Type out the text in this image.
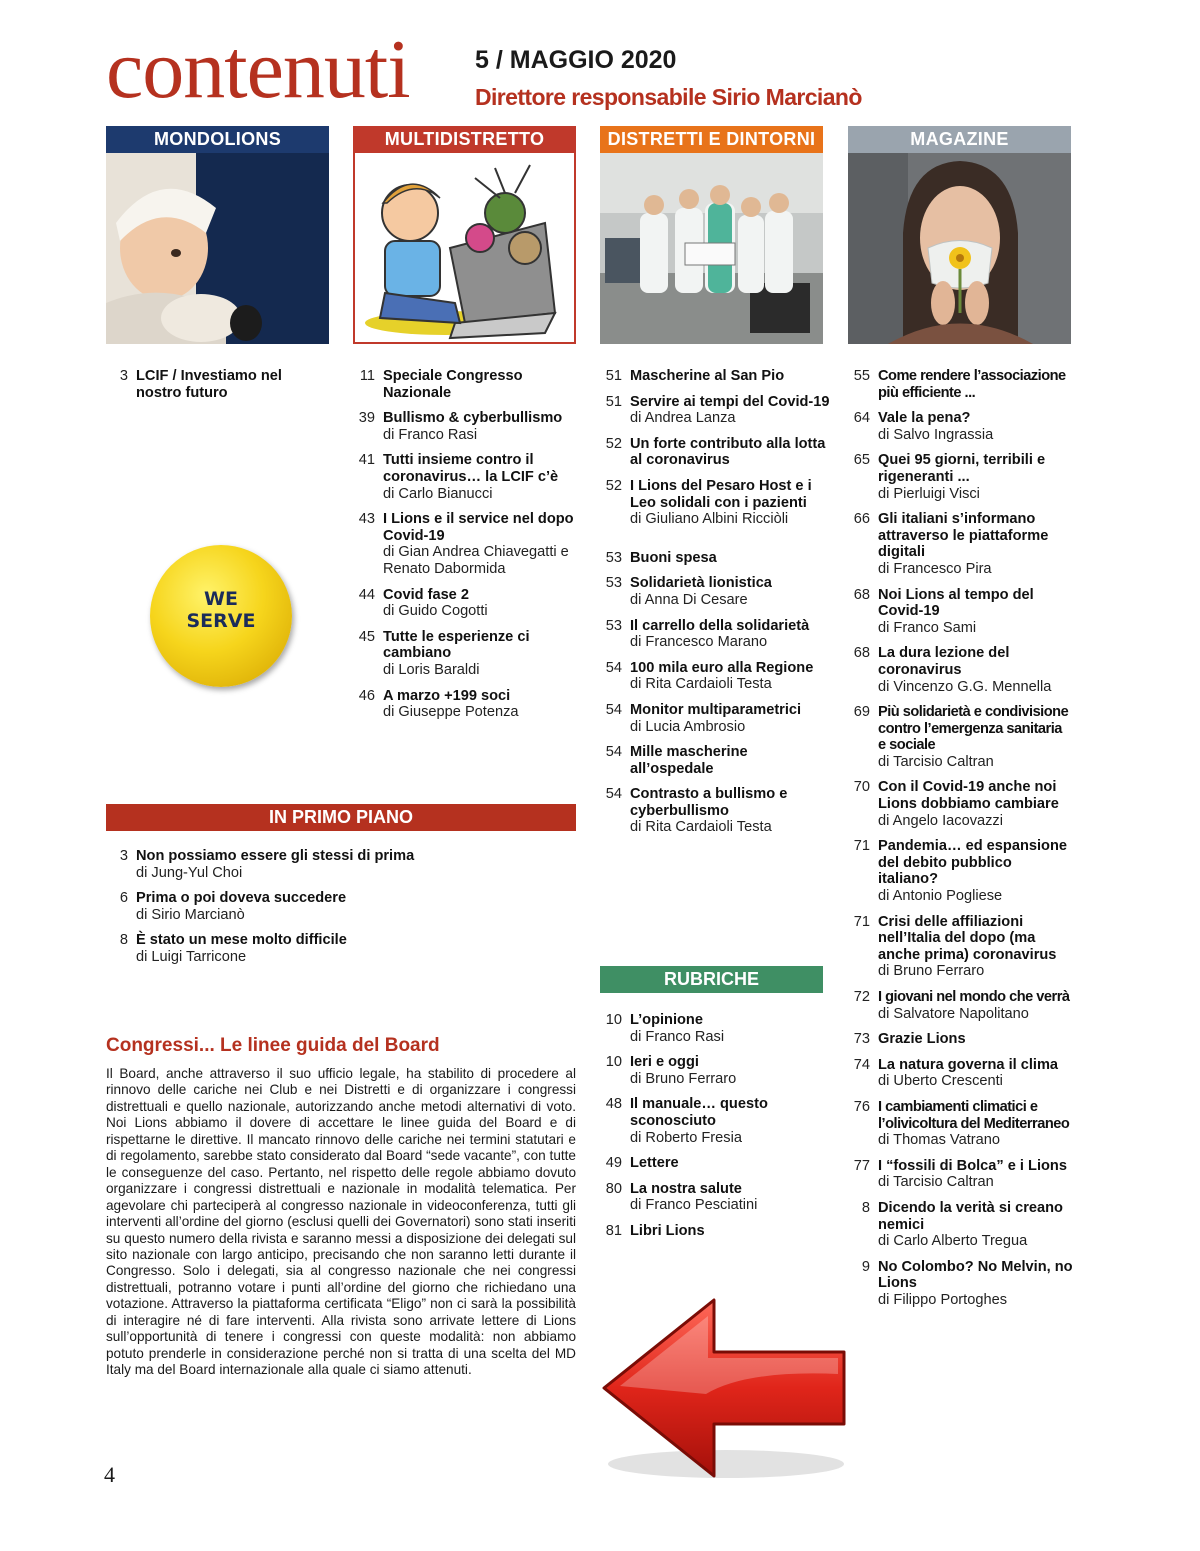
contenuti	5 / MAGGIO 2020
Direttore responsabile Sirio Marcianò
MONDOLIONS	MULTIDISTRETTO	DISTRETTI E DINTORNI	MAGAZINE
3 LCIF / Investiamo nel nostro futuro
WE
SERVE
11 Speciale Congresso Nazionale
39 Bullismo & cyberbullismo
di Franco Rasi
41 Tutti insieme contro il coronavirus… la LCIF c’è
di Carlo Bianucci
43 I Lions e il service nel dopo Covid-19
di Gian Andrea Chiavegatti e Renato Dabormida
44 Covid fase 2
di Guido Cogotti
45 Tutte le esperienze ci cambiano
di Loris Baraldi
46 A marzo +199 soci
di Giuseppe Potenza
IN PRIMO PIANO
3 Non possiamo essere gli stessi di prima
di Jung-Yul Choi
6 Prima o poi doveva succedere
di Sirio Marcianò
8 È stato un mese molto difficile
di Luigi Tarricone
Congressi... Le linee guida del Board
Il Board, anche attraverso il suo ufficio legale, ha stabilito di procedere al rinnovo delle cariche nei Club e nei Distretti e di organizzare i congressi distrettuali e quello nazionale, autorizzando anche metodi alternativi di voto. Noi Lions abbiamo il dovere di accettare le linee guida del Board e di rispettarne le direttive. Il mancato rinnovo delle cariche nei termini statutari e di regolamento, sarebbe stato considerato dal Board “sede vacante”, con tutte le conseguenze del caso. Pertanto, nel rispetto delle regole abbiamo dovuto organizzare i congressi distrettuali e nazionale in modalità telematica. Per agevolare chi parteciperà al congresso nazionale in videoconferenza, tutti gli interventi all’ordine del giorno (esclusi quelli dei Governatori) sono stati inseriti su questo numero della rivista e saranno messi a disposizione dei delegati sul sito nazionale con largo anticipo, precisando che non saranno letti durante il Congresso. Solo i delegati, sia al congresso nazionale che nei congressi distrettuali, potranno votare i punti all’ordine del giorno che richiedano una votazione. Attraverso la piattaforma certificata “Eligo” non ci sarà la possibilità di interagire né di fare interventi. Alla rivista sono arrivate lettere di Lions sull’opportunità di tenere i congressi con queste modalità: non abbiamo potuto prenderle in considerazione perché non si tratta di una scelta del MD Italy ma del Board internazionale alla quale ci siamo attenuti.
51 Mascherine al San Pio
51 Servire ai tempi del Covid-19
di Andrea Lanza
52 Un forte contributo alla lotta al coronavirus
52 I Lions del Pesaro Host e i Leo solidali con i pazienti
di Giuliano Albini Ricciòli
53 Buoni spesa
53 Solidarietà lionistica
di Anna Di Cesare
53 Il carrello della solidarietà
di Francesco Marano
54 100 mila euro alla Regione
di Rita Cardaioli Testa
54 Monitor multiparametrici
di Lucia Ambrosio
54 Mille mascherine all’ospedale
54 Contrasto a bullismo e cyberbullismo
di Rita Cardaioli Testa
RUBRICHE
10 L’opinione
di Franco Rasi
10 Ieri e oggi
di Bruno Ferraro
48 Il manuale… questo sconosciuto
di Roberto Fresia
49 Lettere
80 La nostra salute
di Franco Pesciatini
81 Libri Lions
55 Come rendere l’associazione più efficiente ...
64 Vale la pena?
di Salvo Ingrassia
65 Quei 95 giorni, terribili e rigeneranti ...
di Pierluigi Visci
66 Gli italiani s’informano attraverso le piattaforme digitali
di Francesco Pira
68 Noi Lions al tempo del Covid-19
di Franco Sami
68 La dura lezione del coronavirus
di Vincenzo G.G. Mennella
69 Più solidarietà e condivisione contro l’emergenza sanitaria e sociale
di Tarcisio Caltran
70 Con il Covid-19 anche noi Lions dobbiamo cambiare
di Angelo Iacovazzi
71 Pandemia… ed espansione del debito pubblico italiano?
di Antonio Pogliese
71 Crisi delle affiliazioni nell’Italia del dopo (ma anche prima) coronavirus
di Bruno Ferraro
72 I giovani nel mondo che verrà
di Salvatore Napolitano
73 Grazie Lions
74 La natura governa il clima
di Uberto Crescenti
76 I cambiamenti climatici e l’olivicoltura del Mediterraneo
di Thomas Vatrano
77 I “fossili di Bolca” e i Lions
di Tarcisio Caltran
8 Dicendo la verità si creano nemici
di Carlo Alberto Tregua
9 No Colombo? No Melvin, no Lions
di Filippo Portoghes
4
